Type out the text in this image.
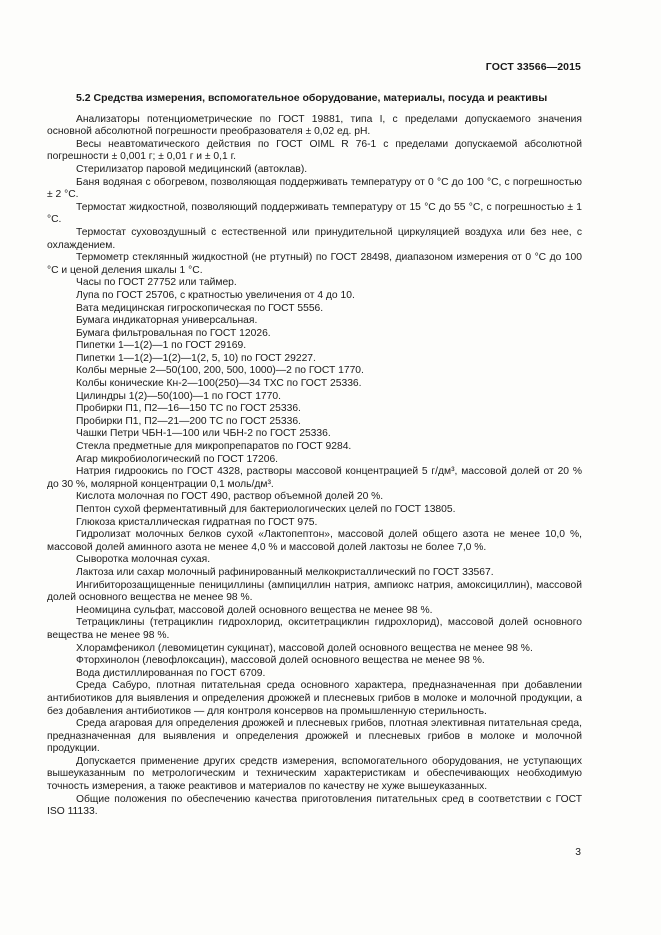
ГОСТ 33566—2015

5.2 Средства измерения, вспомогательное оборудование, материалы, посуда и реактивы

Анализаторы потенциометрические по ГОСТ 19881, типа I, с пределами допускаемого значения основной абсолютной погрешности преобразователя ± 0,02 ед. pH.

Весы неавтоматического действия по ГОСТ OIML R 76-1 с пределами допускаемой абсолютной погрешности ± 0,001 г; ± 0,01 г и ± 0,1 г.

Стерилизатор паровой медицинский (автоклав).

Баня водяная с обогревом, позволяющая поддерживать температуру от 0 °C до 100 °C, с погрешностью ± 2 °C.

Термостат жидкостной, позволяющий поддерживать температуру от 15 °C до 55 °C, с погрешностью ± 1 °C.

Термостат суховоздушный с естественной или принудительной циркуляцией воздуха или без нее, с охлаждением.

Термометр стеклянный жидкостной (не ртутный) по ГОСТ 28498, диапазоном измерения от 0 °C до 100 °C и ценой деления шкалы 1 °C.

Часы по ГОСТ 27752 или таймер.

Лупа по ГОСТ 25706, с кратностью увеличения от 4 до 10.

Вата медицинская гигроскопическая по ГОСТ 5556.

Бумага индикаторная универсальная.

Бумага фильтровальная по ГОСТ 12026.

Пипетки 1—1(2)—1 по ГОСТ 29169.

Пипетки 1—1(2)—1(2)—1(2, 5, 10) по ГОСТ 29227.

Колбы мерные 2—50(100, 200, 500, 1000)—2 по ГОСТ 1770.

Колбы конические Кн-2—100(250)—34 ТХС по ГОСТ 25336.

Цилиндры 1(2)—50(100)—1 по ГОСТ 1770.

Пробирки П1, П2—16—150 ТС по ГОСТ 25336.

Пробирки П1, П2—21—200 ТС по ГОСТ 25336.

Чашки Петри ЧБН-1—100 или ЧБН-2 по ГОСТ 25336.

Стекла предметные для микропрепаратов по ГОСТ 9284.

Агар микробиологический по ГОСТ 17206.

Натрия гидроокись по ГОСТ 4328, растворы массовой концентрацией 5 г/дм³, массовой долей от 20 % до 30 %, молярной концентрации 0,1 моль/дм³.

Кислота молочная по ГОСТ 490, раствор объемной долей 20 %.

Пептон сухой ферментативный для бактериологических целей по ГОСТ 13805.

Глюкоза кристаллическая гидратная по ГОСТ 975.

Гидролизат молочных белков сухой «Лактопептон», массовой долей общего азота не менее 10,0 %, массовой долей аминного азота не менее 4,0 % и массовой долей лактозы не более 7,0 %.

Сыворотка молочная сухая.

Лактоза или сахар молочный рафинированный мелкокристаллический по ГОСТ 33567.

Ингибиторозащищенные пенициллины (ампициллин натрия, ампиокс натрия, амоксициллин), массовой долей основного вещества не менее 98 %.

Неомицина сульфат, массовой долей основного вещества не менее 98 %.

Тетрациклины (тетрациклин гидрохлорид, окситетрациклин гидрохлорид), массовой долей основного вещества не менее 98 %.

Хлорамфеникол (левомицетин сукцинат), массовой долей основного вещества не менее 98 %.

Фторхинолон (левофлоксацин), массовой долей основного вещества не менее 98 %.

Вода дистиллированная по ГОСТ 6709.

Среда Сабуро, плотная питательная среда основного характера, предназначенная при добавлении антибиотиков для выявления и определения дрожжей и плесневых грибов в молоке и молочной продукции, а без добавления антибиотиков — для контроля консервов на промышленную стерильность.

Среда агаровая для определения дрожжей и плесневых грибов, плотная элективная питательная среда, предназначенная для выявления и определения дрожжей и плесневых грибов в молоке и молочной продукции.

Допускается применение других средств измерения, вспомогательного оборудования, не уступающих вышеуказанным по метрологическим и техническим характеристикам и обеспечивающих необходимую точность измерения, а также реактивов и материалов по качеству не хуже вышеуказанных.

Общие положения по обеспечению качества приготовления питательных сред в соответствии с ГОСТ ISO 11133.

3
